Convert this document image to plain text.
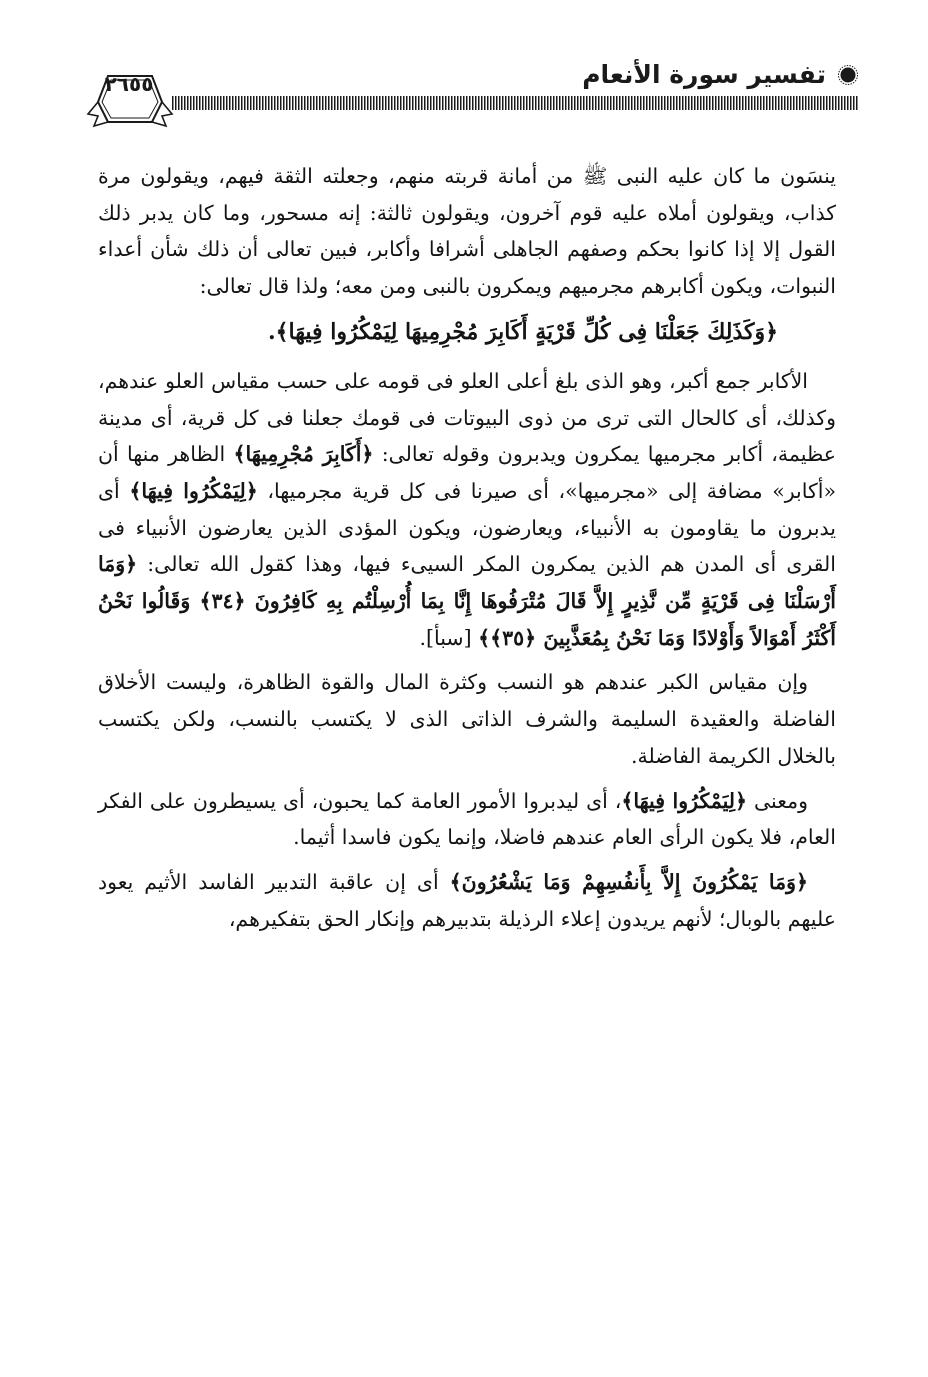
تفسير سورة الأنعام
٢٦٥٥

ينسَون ما كان عليه النبى ﷺ من أمانة قربته منهم، وجعلته الثقة فيهم، ويقولون مرة كذاب، ويقولون أملاه عليه قوم آخرون، ويقولون ثالثة: إنه مسحور، وما كان يدبر ذلك القول إلا إذا كانوا بحكم وصفهم الجاهلى أشرافا وأكابر، فبين تعالى أن ذلك شأن أعداء النبوات، ويكون أكابرهم مجرميهم ويمكرون بالنبى ومن معه؛ ولذا قال تعالى:

﴿وَكَذَلِكَ جَعَلْنَا فِى كُلِّ قَرْيَةٍ أَكَابِرَ مُجْرِمِيهَا لِيَمْكُرُوا فِيهَا﴾.

الأكابر جمع أكبر، وهو الذى بلغ أعلى العلو فى قومه على حسب مقياس العلو عندهم، وكذلك، أى كالحال التى ترى من ذوى البيوتات فى قومك جعلنا فى كل قرية، أى مدينة عظيمة، أكابر مجرميها يمكرون ويدبرون وقوله تعالى: ﴿أَكَابِرَ مُجْرِمِيهَا﴾ الظاهر منها أن «أكابر» مضافة إلى «مجرميها»، أى صيرنا فى كل قرية مجرميها، ﴿لِيَمْكُرُوا فِيهَا﴾ أى يدبرون ما يقاومون به الأنبياء، ويعارضون، ويكون المؤدى الذين يعارضون الأنبياء فى القرى أى المدن هم الذين يمكرون المكر السيىء فيها، وهذا كقول الله تعالى: ﴿وَمَا أَرْسَلْنَا فِى قَرْيَةٍ مِّن نَّذِيرٍ إِلاَّ قَالَ مُتْرَفُوهَا إِنَّا بِمَا أُرْسِلْتُم بِهِ كَافِرُونَ ﴿٣٤﴾ وَقَالُوا نَحْنُ أَكْثَرُ أَمْوَالاً وَأَوْلادًا وَمَا نَحْنُ بِمُعَذَّبِينَ ﴿٣٥﴾﴾ [سبأ].

وإن مقياس الكبر عندهم هو النسب وكثرة المال والقوة الظاهرة، وليست الأخلاق الفاضلة والعقيدة السليمة والشرف الذاتى الذى لا يكتسب بالنسب، ولكن يكتسب بالخلال الكريمة الفاضلة.

ومعنى ﴿لِيَمْكُرُوا فِيهَا﴾، أى ليدبروا الأمور العامة كما يحبون، أى يسيطرون على الفكر العام، فلا يكون الرأى العام عندهم فاضلا، وإنما يكون فاسدا أثيما.

﴿وَمَا يَمْكُرُونَ إِلاَّ بِأَنفُسِهِمْ وَمَا يَشْعُرُونَ﴾ أى إن عاقبة التدبير الفاسد الأثيم يعود عليهم بالوبال؛ لأنهم يريدون إعلاء الرذيلة بتدبيرهم وإنكار الحق بتفكيرهم،
